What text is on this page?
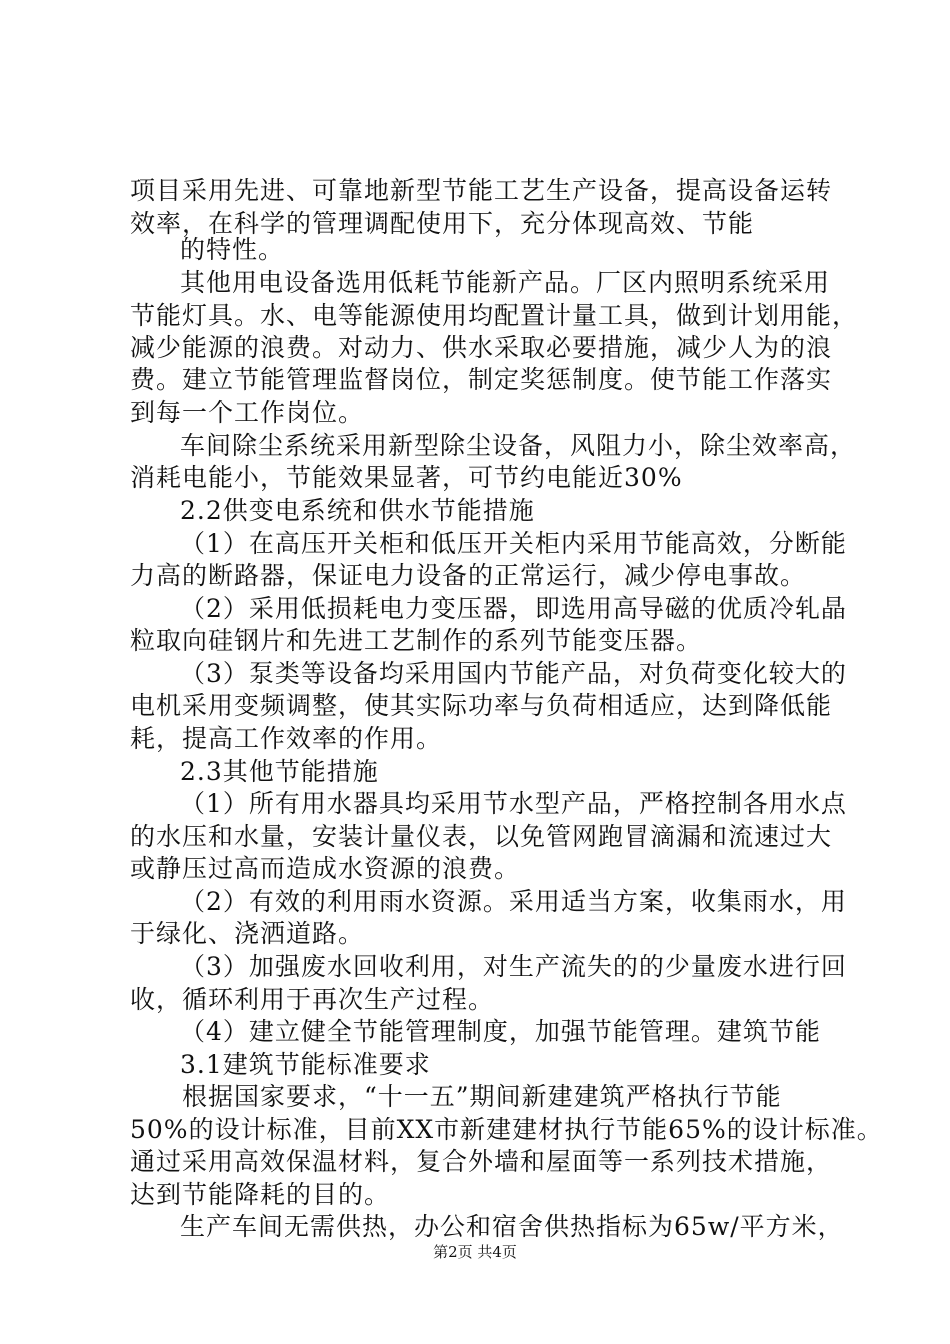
项目采用先进、可靠地新型节能工艺生产设备，提高设备运转
效率，在科学的管理调配使用下，充分体现高效、节能
的特性。
其他用电设备选用低耗节能新产品。厂区内照明系统采用
节能灯具。水、电等能源使用均配置计量工具，做到计划用能，
减少能源的浪费。对动力、供水采取必要措施，减少人为的浪
费。建立节能管理监督岗位，制定奖惩制度。使节能工作落实
到每一个工作岗位。
车间除尘系统采用新型除尘设备，风阻力小，除尘效率高，
消耗电能小，节能效果显著，可节约电能近30%
2.2供变电系统和供水节能措施
（1）在高压开关柜和低压开关柜内采用节能高效，分断能
力高的断路器，保证电力设备的正常运行，减少停电事故。
（2）采用低损耗电力变压器，即选用高导磁的优质冷轧晶
粒取向硅钢片和先进工艺制作的系列节能变压器。
（3）泵类等设备均采用国内节能产品，对负荷变化较大的
电机采用变频调整，使其实际功率与负荷相适应，达到降低能
耗，提高工作效率的作用。
2.3其他节能措施
（1）所有用水器具均采用节水型产品，严格控制各用水点
的水压和水量，安装计量仪表，以免管网跑冒滴漏和流速过大
或静压过高而造成水资源的浪费。
（2）有效的利用雨水资源。采用适当方案，收集雨水，用
于绿化、浇洒道路。
（3）加强废水回收利用，对生产流失的的少量废水进行回
收，循环利用于再次生产过程。
（4）建立健全节能管理制度，加强节能管理。建筑节能
3.1建筑节能标准要求
根据国家要求，“十一五”期间新建建筑严格执行节能
50%的设计标准，目前XX市新建建材执行节能65%的设计标准。
通过采用高效保温材料，复合外墙和屋面等一系列技术措施，
达到节能降耗的目的。
生产车间无需供热，办公和宿舍供热指标为65w/平方米，
第2页 共4页
